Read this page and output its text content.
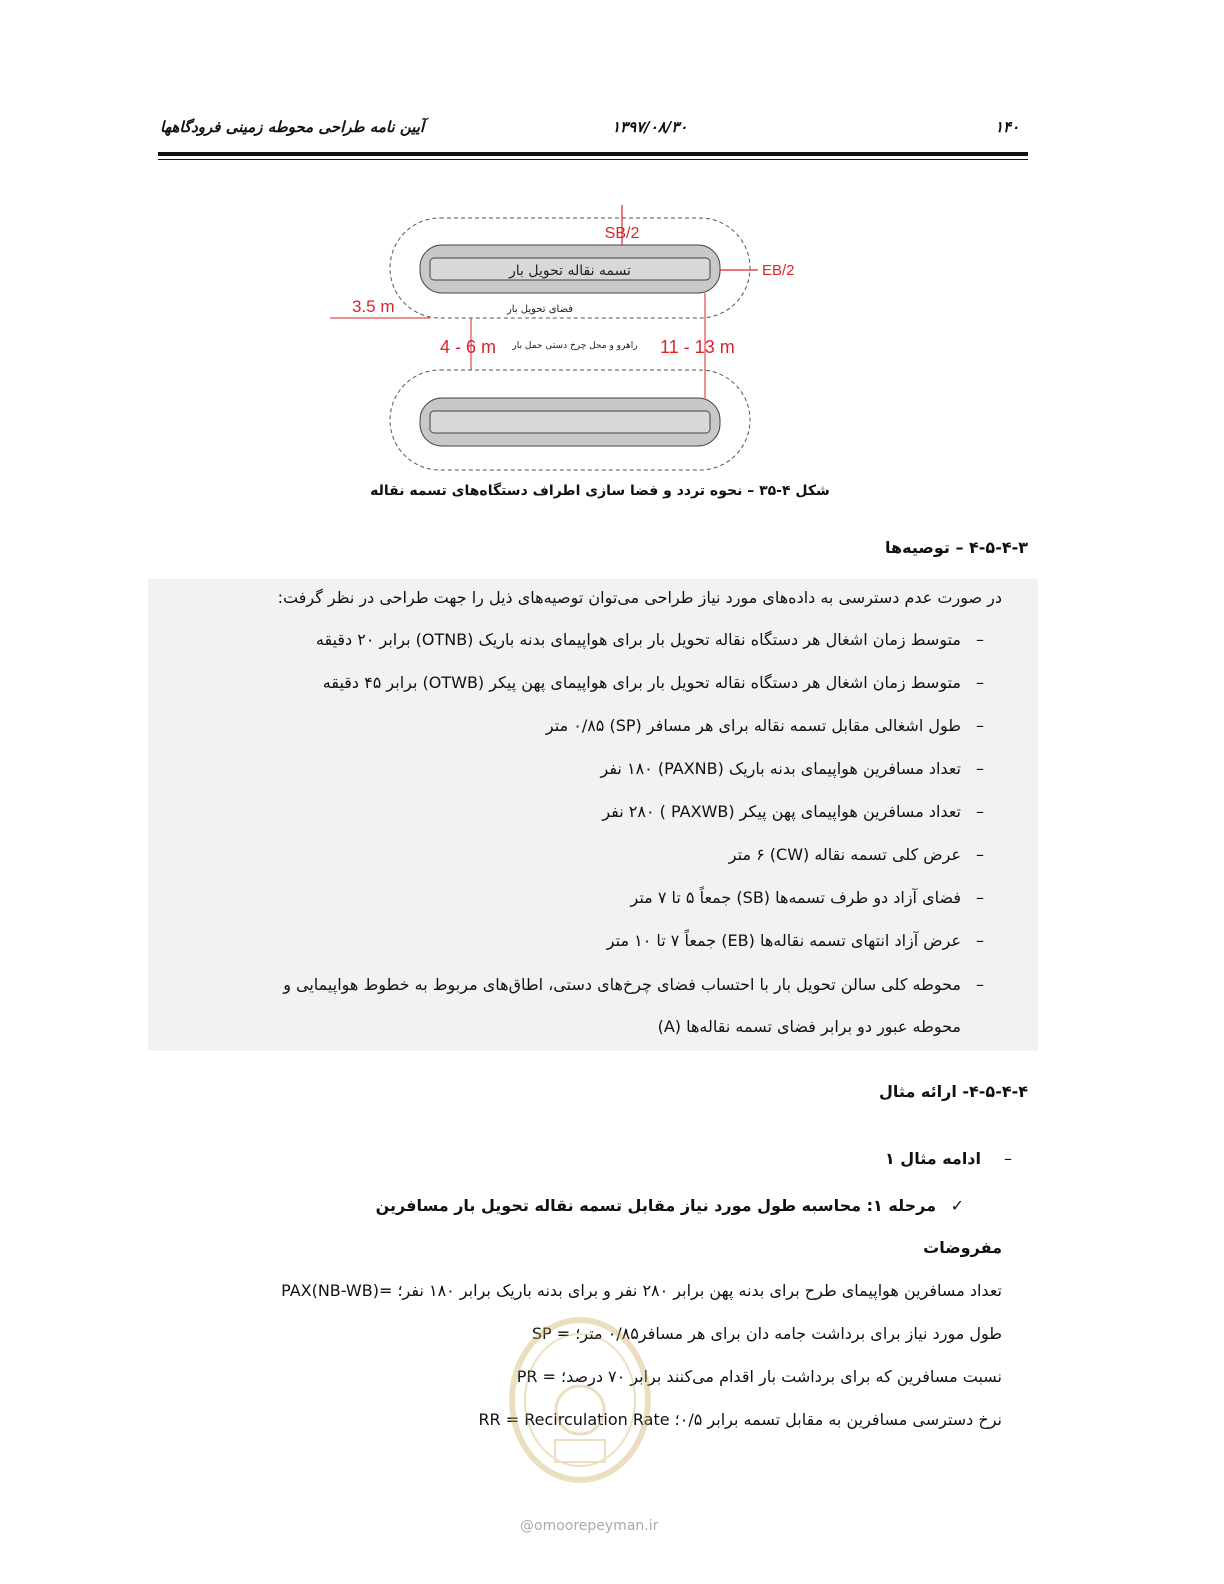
۱۴۰
۱۳۹۷/۰۸/۳۰
آیین نامه طراحی محوطه زمینی فرودگاهها
تسمه نقاله تحویل بار
فضای تحویل بار
SB/2
EB/2
3.5 m
4 - 6 m راهرو و محل چرخ دستی حمل بار 11 - 13 m
شکل ۴-۳۵ – نحوه تردد و فضا سازی اطراف دستگاه‌های تسمه نقاله
۴-۵-۴-۳ – توصیه‌ها
در صورت عدم دسترسی به داده‌های مورد نیاز طراحی می‌توان توصیه‌های ذیل را جهت طراحی در نظر گرفت:
–
متوسط زمان اشغال هر دستگاه نقاله تحویل بار برای هواپیمای بدنه باریک (OTNB) برابر ۲۰ دقیقه
–
متوسط زمان اشغال هر دستگاه نقاله تحویل بار برای هواپیمای پهن پیکر (OTWB) برابر ۴۵ دقیقه
–
طول اشغالی مقابل تسمه نقاله برای هر مسافر (SP) ۰/۸۵ متر
–
تعداد مسافرین هواپیمای بدنه باریک (PAXNB) ۱۸۰ نفر
–
تعداد مسافرین هواپیمای پهن پیکر (PAXWB ) ۲۸۰ نفر
–
عرض کلی تسمه نقاله (CW) ۶ متر
–
فضای آزاد دو طرف تسمه‌ها (SB) جمعاً ۵ تا ۷ متر
–
عرض آزاد انتهای تسمه نقاله‌ها (EB) جمعاً ۷ تا ۱۰ متر
–
محوطه کلی سالن تحویل بار با احتساب فضای چرخ‌های دستی، اطاق‌های مربوط به خطوط هواپیمایی و
محوطه عبور دو برابر فضای تسمه نقاله‌ها (A)
۴-۵-۴-۴- ارائه مثال
–
ادامه مثال ۱
✓
مرحله ۱: محاسبه طول مورد نیاز مقابل تسمه نقاله تحویل بار مسافرین
مفروضات
PAX(NB-WB)= تعداد مسافرین هواپیمای طرح برای بدنه پهن برابر ۲۸۰ نفر و برای بدنه باریک برابر ۱۸۰ نفر؛
SP = طول مورد نیاز برای برداشت جامه دان برای هر مسافر۰/۸۵ متر؛
PR = نسبت مسافرین که برای برداشت بار اقدام می‌کنند برابر ۷۰ درصد؛
RR = Recirculation Rate نرخ دسترسی مسافرین به مقابل تسمه برابر ۰/۵؛
@omoorepeyman.ir
